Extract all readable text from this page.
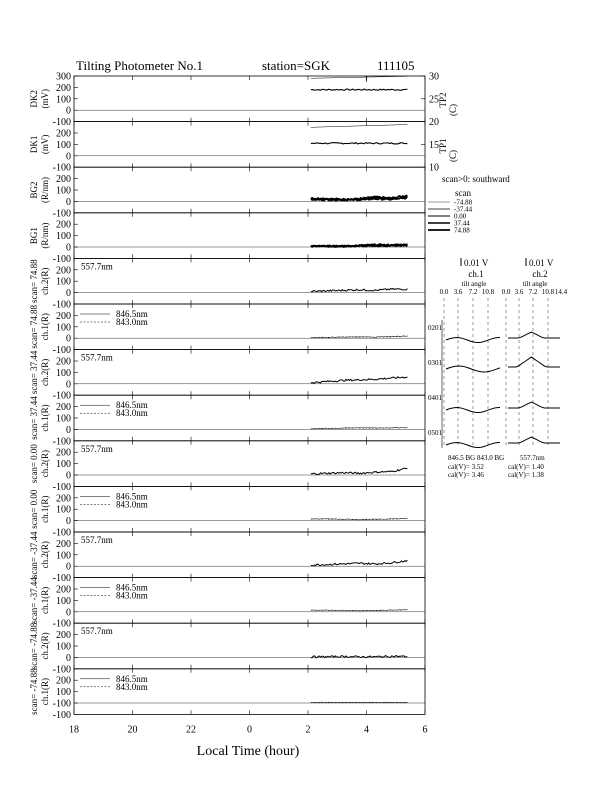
Tilting Photometer No.1	station=SGK	111105
300
200
100
0
DK2 (mV)
-100
200
100
0
DK1 (mV)
-100
200
100
0
BG2 (R/nm)
-100
200
100
0
BG1 (R/nm)
-100
200
100
0
scan= 74.88 ch.2(R)
557.7nm
-100
200
100
0
scan= 74.88 ch.1(R)	846.5nm
843.0nm
-100
200
100
0
scan= 37.44 ch.2(R)
557.7nm
-100
200
100
0
scan= 37.44 ch.1(R)	846.5nm
843.0nm
-100
200
100
0
scan= 0.00 ch.2(R)
557.7nm
-100
200
100
0
scan= 0.00 ch.1(R)	846.5nm
843.0nm
-100
200
100
0
scan= -37.44 ch.2(R)
557.7nm
-100
200
100
0
scan= -37.44 ch.1(R)	846.5nm
843.0nm
-100
200
100
0
scan= -74.88 ch.2(R)
557.7nm
-100
200
100
-100
scan= -74.88 ch.1(R)	846.5nm
843.0nm
Local Time (hour)
18	20	22	0	2	4	6
-100
30
25
20
15
10
TP2
(C)
TP1
(C)
scan>0: southward
scan
-74.88
-37.44
0.00
37.44
74.88
0.01 V	0.01 V
ch.1	ch.2
tilt angle	tilt angle
0.0 3.6 7.2 10.8 0.0 3.6 7.2 10.8 14.4
0201
0301
0401
0501
846.5 BG 843.0 BG 557.7nm
cal(V)= 3.52
cal(V)= 3.46
cal(V)= 1.40
cal(V)= 1.38
